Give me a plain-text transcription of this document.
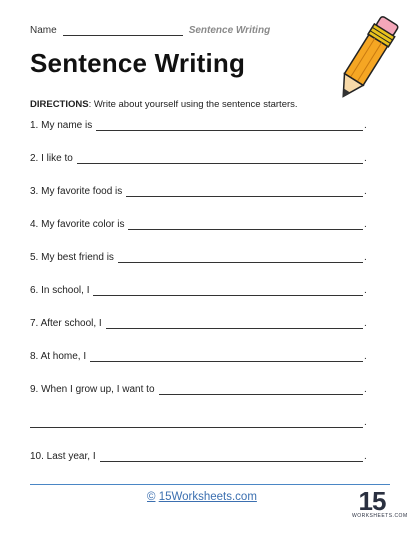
Name	Sentence Writing
Sentence Writing
DIRECTIONS: Write about yourself using the sentence starters.
1. My name is	.
2. I like to	.
3. My favorite food is	.
4. My favorite color is	.
5. My best friend is	.
6. In school, I	.
7. After school, I	.
8. At home, I	.
9. When I grow up, I want to	.
.
10. Last year, I	.
© 15Worksheets.com	15
WORKSHEETS.COM
